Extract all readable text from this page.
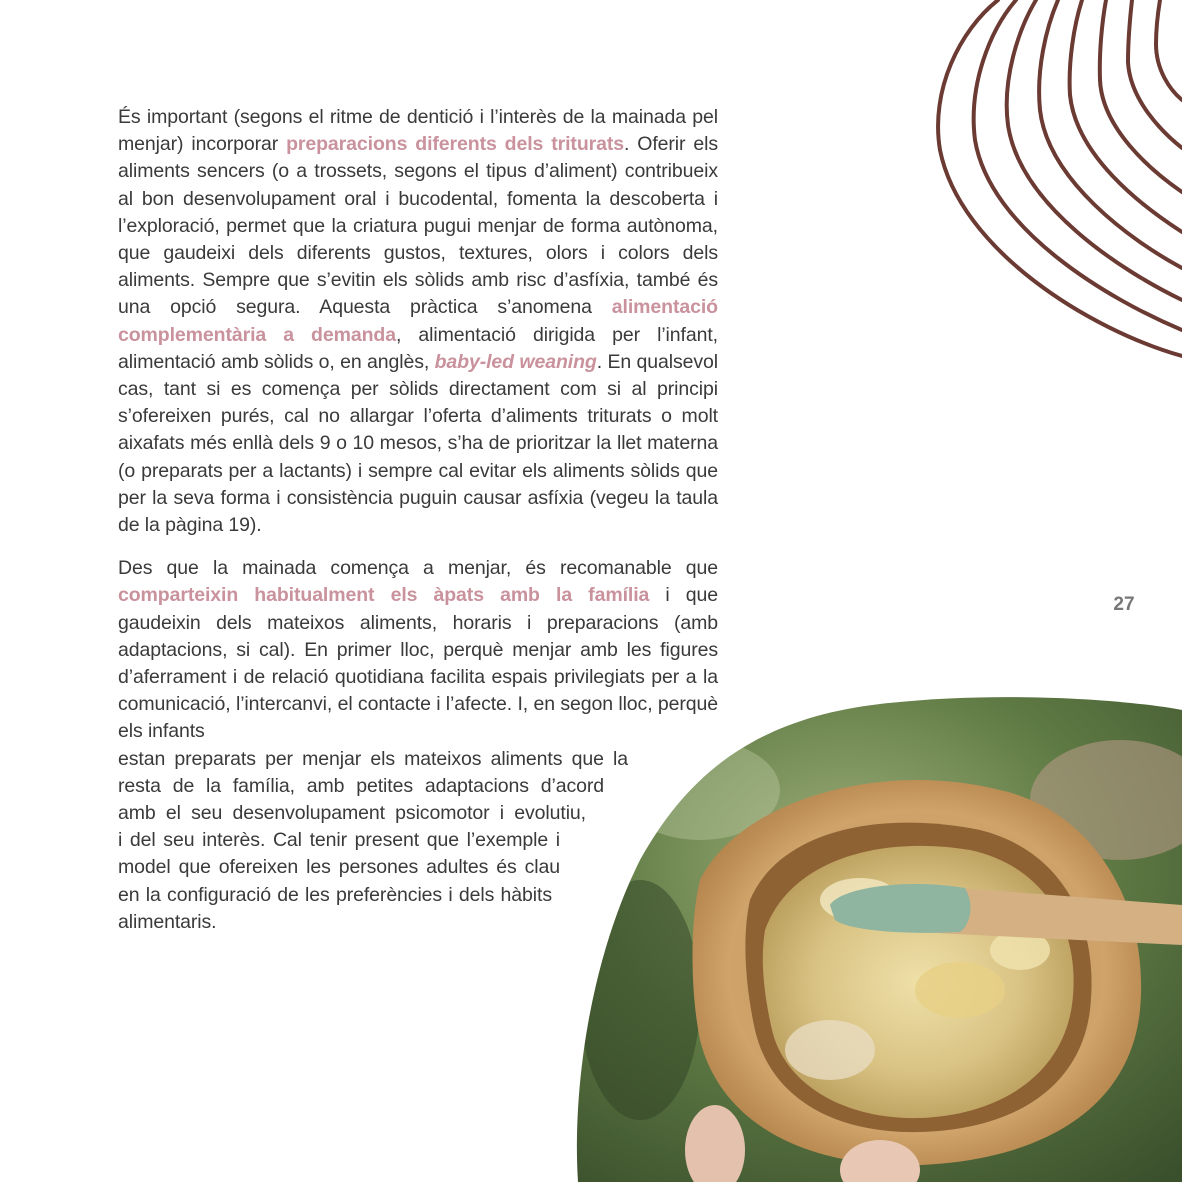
És important (segons el ritme de dentició i l’interès de la mainada pel menjar) incorporar preparacions diferents dels triturats. Oferir els aliments sencers (o a trossets, segons el tipus d’aliment) contribueix al bon desenvolupament oral i bucodental, fomenta la descoberta i l’exploració, permet que la criatura pugui menjar de forma autònoma, que gaudeixi dels diferents gustos, textures, olors i colors dels aliments. Sempre que s’evitin els sòlids amb risc d’asfíxia, també és una opció segura. Aquesta pràctica s’anomena alimentació complementària a demanda, alimentació dirigida per l’infant, alimentació amb sòlids o, en anglès, baby-led weaning. En qualsevol cas, tant si es comença per sòlids directament com si al principi s’ofereixen purés, cal no allargar l’oferta d’aliments triturats o molt aixafats més enllà dels 9 o 10 mesos, s’ha de prioritzar la llet materna (o preparats per a lactants) i sempre cal evitar els aliments sòlids que per la seva forma i consistència puguin causar asfíxia (vegeu la taula de la pàgina 19).

Des que la mainada comença a menjar, és recomanable que comparteixin habitualment els àpats amb la família i que gaudeixin dels mateixos aliments, horaris i preparacions (amb adaptacions, si cal). En primer lloc, perquè menjar amb les figures d’aferrament i de relació quotidiana facilita espais privilegiats per a la comunicació, l’intercanvi, el contacte i l’afecte. I, en segon lloc, perquè els infants
estan preparats per menjar els mateixos aliments que la
resta de la família, amb petites adaptacions d’acord
amb el seu desenvolupament psicomotor i evolutiu,
i del seu interès. Cal tenir present que l’exemple i
model que ofereixen les persones adultes és clau
en la configuració de les preferències i dels hàbits
alimentaris.

27
